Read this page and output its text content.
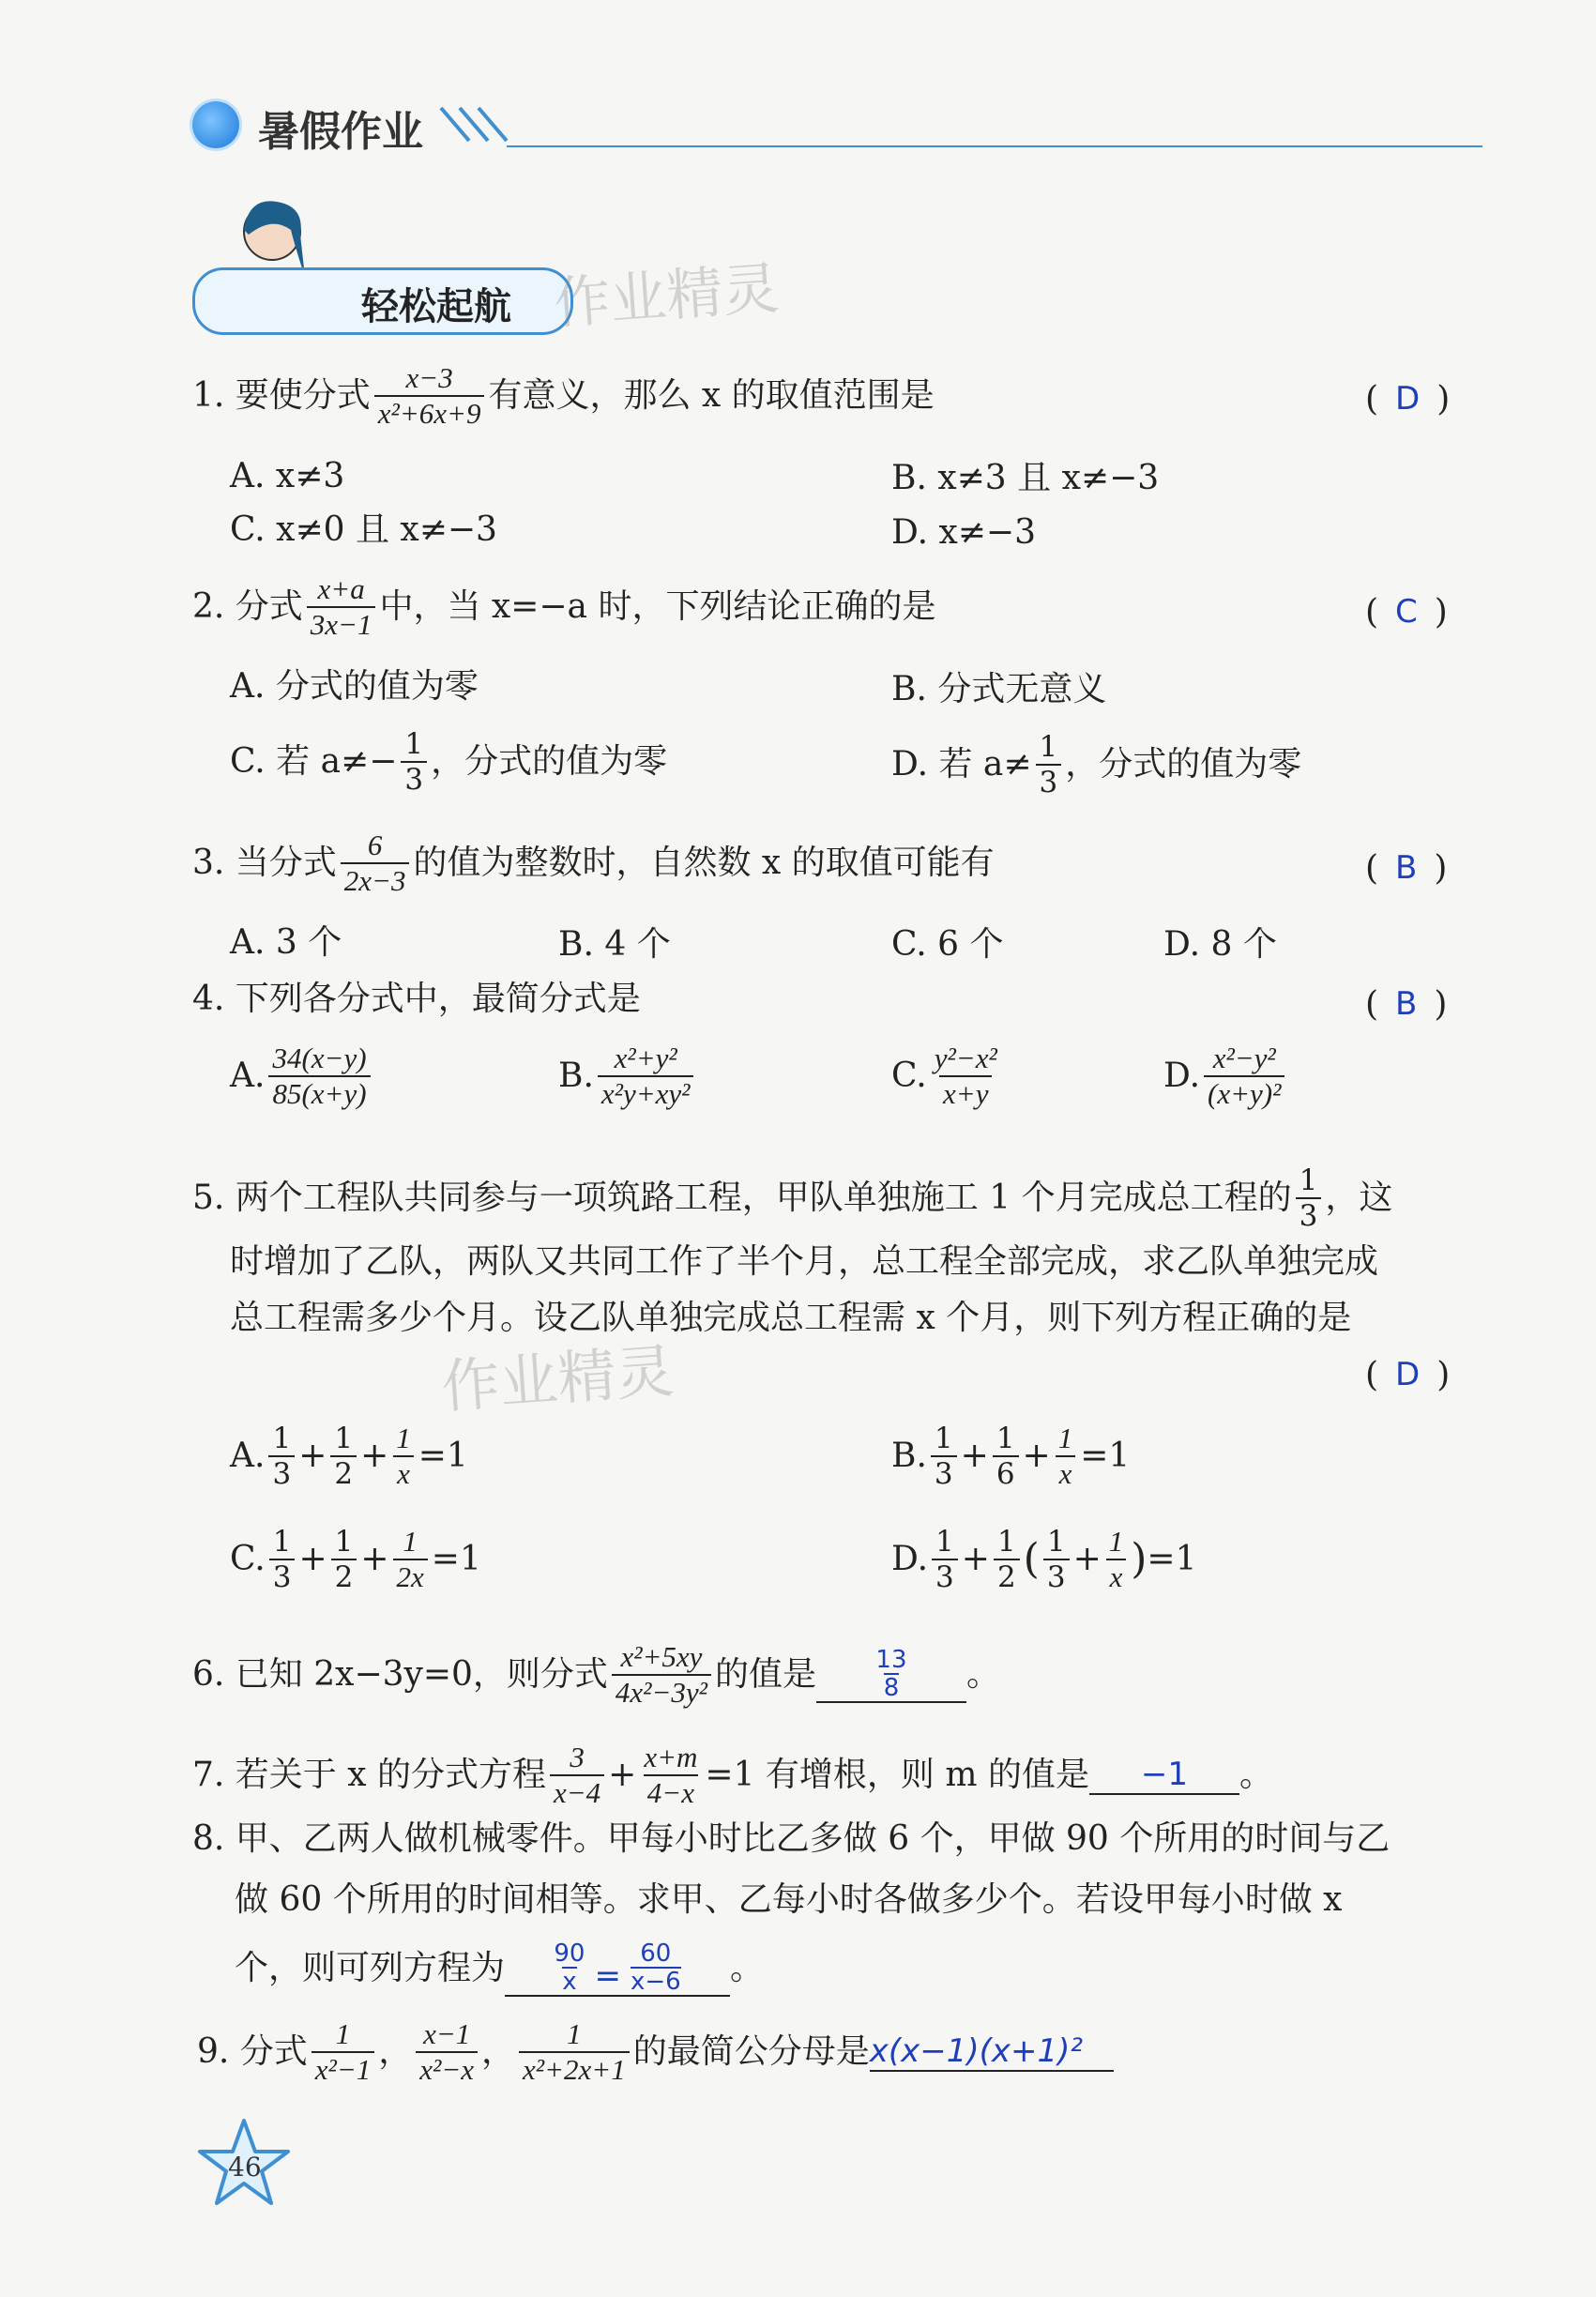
暑假作业
轻松起航 作业精灵
作业精灵
1. 要使分式 $\frac{x-3}{\text{x²+6x+9}}$ 有意义，那么 x 的取值范围是	( D )
A. x≠3	B. x≠3 且 x≠−3
C. x≠0 且 x≠−3	D. x≠−3
2. 分式 $\frac{x+a}{3x-1}$ 中，当 x=−a 时，下列结论正确的是	( C )
A. 分式的值为零	B. 分式无意义
C. 若 $a\ne- \frac{1}{3}$ ，分式的值为零	D. 若 $a\ne \frac{1}{3}$ ，分式的值为零
3. 当分式 $\frac{6}{2x-3}$ 的值为整数时，自然数 x 的取值可能有	( B )
A. 3 个	B. 4 个	C. 6 个	D. 8 个
4. 下列各分式中，最简分式是	( B )
A. $\frac{34(x-y)}{85(x+y)}$	B. $\frac{\text{x²+y²}}{\text{x²y+xy²}}$	C. $\frac{\text{y²−x²}}{x+y}$	D. $\frac{\text{x²−y²}}{\text{(x+y)²}}$
5. 两个工程队共同参与一项筑路工程，甲队单独施工 1 个月完成总工程的 $\frac{1}{3}$ ，这
时增加了乙队，两队又共同工作了半个月，总工程全部完成，求乙队单独完成
总工程需多少个月。设乙队单独完成总工程需 x 个月，则下列方程正确的是
( D )
A. $\frac{1}{3} + \frac{1}{2} + \frac{1}{x} =1$	B. $\frac{1}{3} + \frac{1}{6} + \frac{1}{x} =1$
C. $\frac{1}{3} + \frac{1}{2} + \frac{1}{2x} =1$	D. $\frac{1}{3} + \frac{1}{2}$ ( $\frac{1}{3} + \frac{1}{x}$ ) =1
6. 已知 2x−3y=0，则分式 $\frac{\text{x²+5xy}}{\text{4x²−3y²}}$ 的值是 $\frac{13}{8}$ 。
7. 若关于 x 的分式方程 $\frac{3}{x-4} + \frac{x+m}{4-x} =1$ 有增根，则 m 的值是 −1 。
8. 甲、乙两人做机械零件。甲每小时比乙多做 6 个，甲做 90 个所用的时间与乙
做 60 个所用的时间相等。求甲、乙每小时各做多少个。若设甲每小时做 x
个，则可列方程为 $\frac{90}{x} = \frac{60}{x-6}$ 。
9. 分式 $\frac{1}{\text{x²−1}}$ ， $\frac{x-1}{\text{x²−x}}$ ， $\frac{1}{\text{x²+2x+1}}$ 的最简公分母是 x(x−1)(x+1)²
46
